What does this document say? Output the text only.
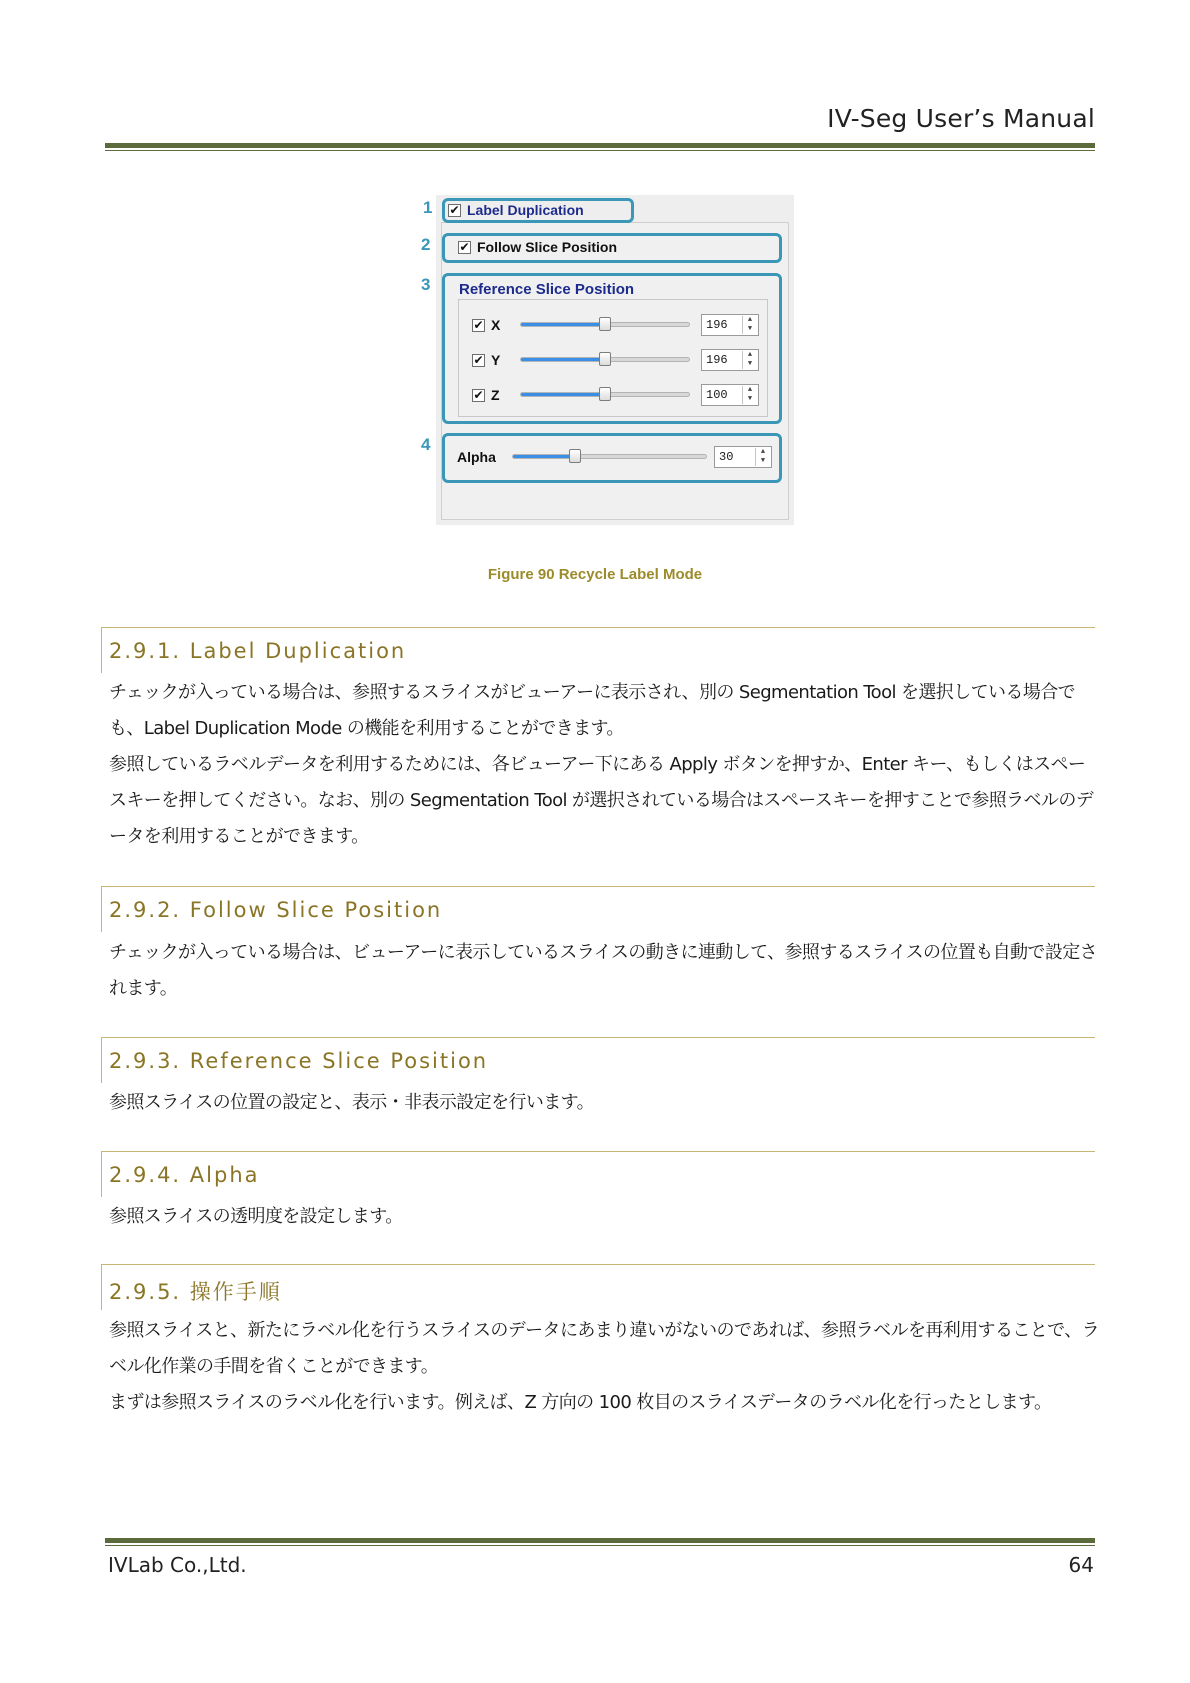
IV-Seg User’s Manual
1
2
3
4
✔ Label Duplication
✔ Follow Slice Position
Reference Slice Position
✔ X	196	▲
▼
✔ Y	196	▲
▼
✔ Z	100	▲
▼
Alpha	30	▲
▼
Figure 90 Recycle Label Mode
2.9.1. Label Duplication
チェックが入っている場合は、参照するスライスがビューアーに表示され、別の Segmentation Tool を選択している場合でも、Label Duplication Mode の機能を利用することができます。
参照しているラベルデータを利用するためには、各ビューアー下にある Apply ボタンを押すか、Enter キー、もしくはスペースキーを押してください。なお、別の Segmentation Tool が選択されている場合はスペースキーを押すことで参照ラベルのデータを利用することができます。
2.9.2. Follow Slice Position
チェックが入っている場合は、ビューアーに表示しているスライスの動きに連動して、参照するスライスの位置も自動で設定されます。
2.9.3. Reference Slice Position
参照スライスの位置の設定と、表示・非表示設定を行います。
2.9.4. Alpha
参照スライスの透明度を設定します。
2.9.5. 操作手順
参照スライスと、新たにラベル化を行うスライスのデータにあまり違いがないのであれば、参照ラベルを再利用することで、ラベル化作業の手間を省くことができます。
まずは参照スライスのラベル化を行います。例えば、Z 方向の 100 枚目のスライスデータのラベル化を行ったとします。
IVLab Co.,Ltd.	64
